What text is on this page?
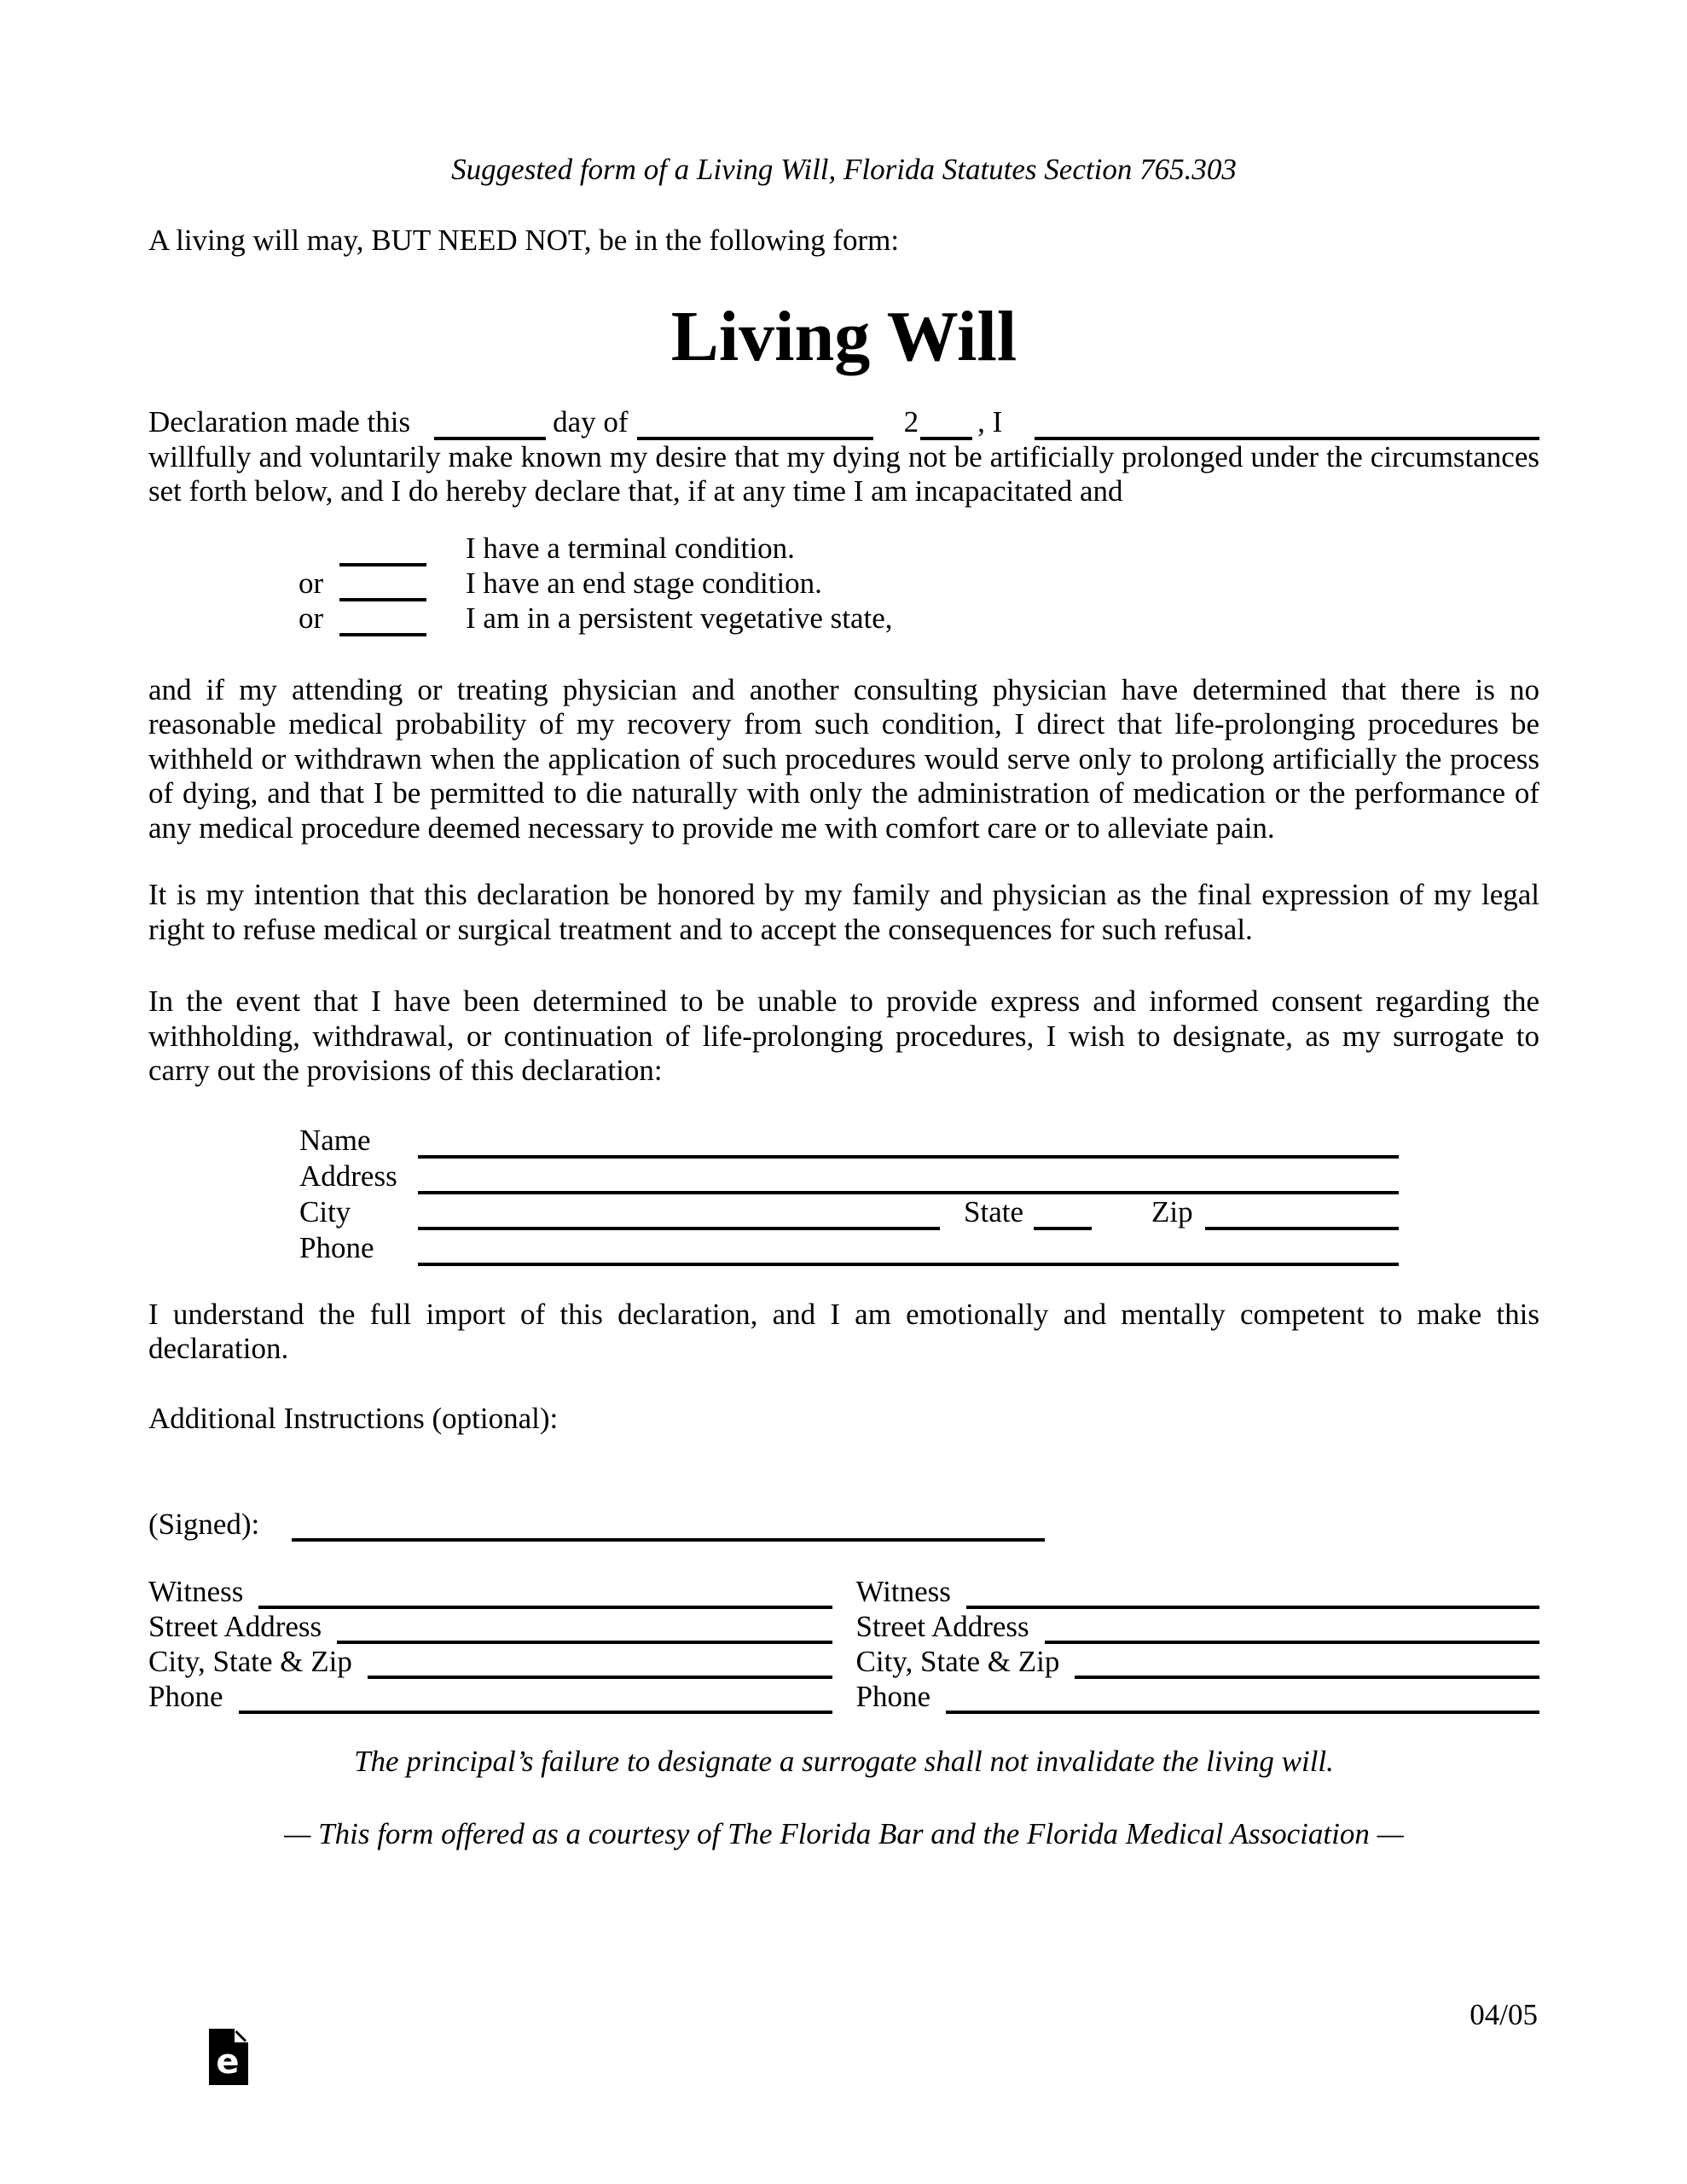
Suggested form of a Living Will, Florida Statutes Section 765.303
A living will may, BUT NEED NOT, be in the following form:
Living Will
Declaration made this	day of	2 , I

willfully and voluntarily make known my desire that my dying not be artificially prolonged under the circumstances set forth below, and I do hereby declare that, if at any time I am incapacitated and

I have a terminal condition.
or	I have an end stage condition.
or	I am in a persistent vegetative state,

and if my attending or treating physician and another consulting physician have determined that there is no reasonable medical probability of my recovery from such condition, I direct that life-prolonging procedures be withheld or withdrawn when the application of such procedures would serve only to prolong artificially the process of dying, and that I be permitted to die naturally with only the administration of medication or the performance of any medical procedure deemed necessary to provide me with comfort care or to alleviate pain.

It is my intention that this declaration be honored by my family and physician as the final expression of my legal right to refuse medical or surgical treatment and to accept the consequences for such refusal.

In the event that I have been determined to be unable to provide express and informed consent regarding the withholding, withdrawal, or continuation of life-prolonging procedures, I wish to designate, as my surrogate to carry out the provisions of this declaration:

Name
Address
City	State	Zip
Phone

I understand the full import of this declaration, and I am emotionally and mentally competent to make this declaration.

Additional Instructions (optional):

(Signed):
Witness	Witness
Street Address	Street Address
City, State & Zip	City, State & Zip
Phone	Phone

The principal’s failure to designate a surrogate shall not invalidate the living will.

— This form offered as a courtesy of The Florida Bar and the Florida Medical Association —

e
04/05
